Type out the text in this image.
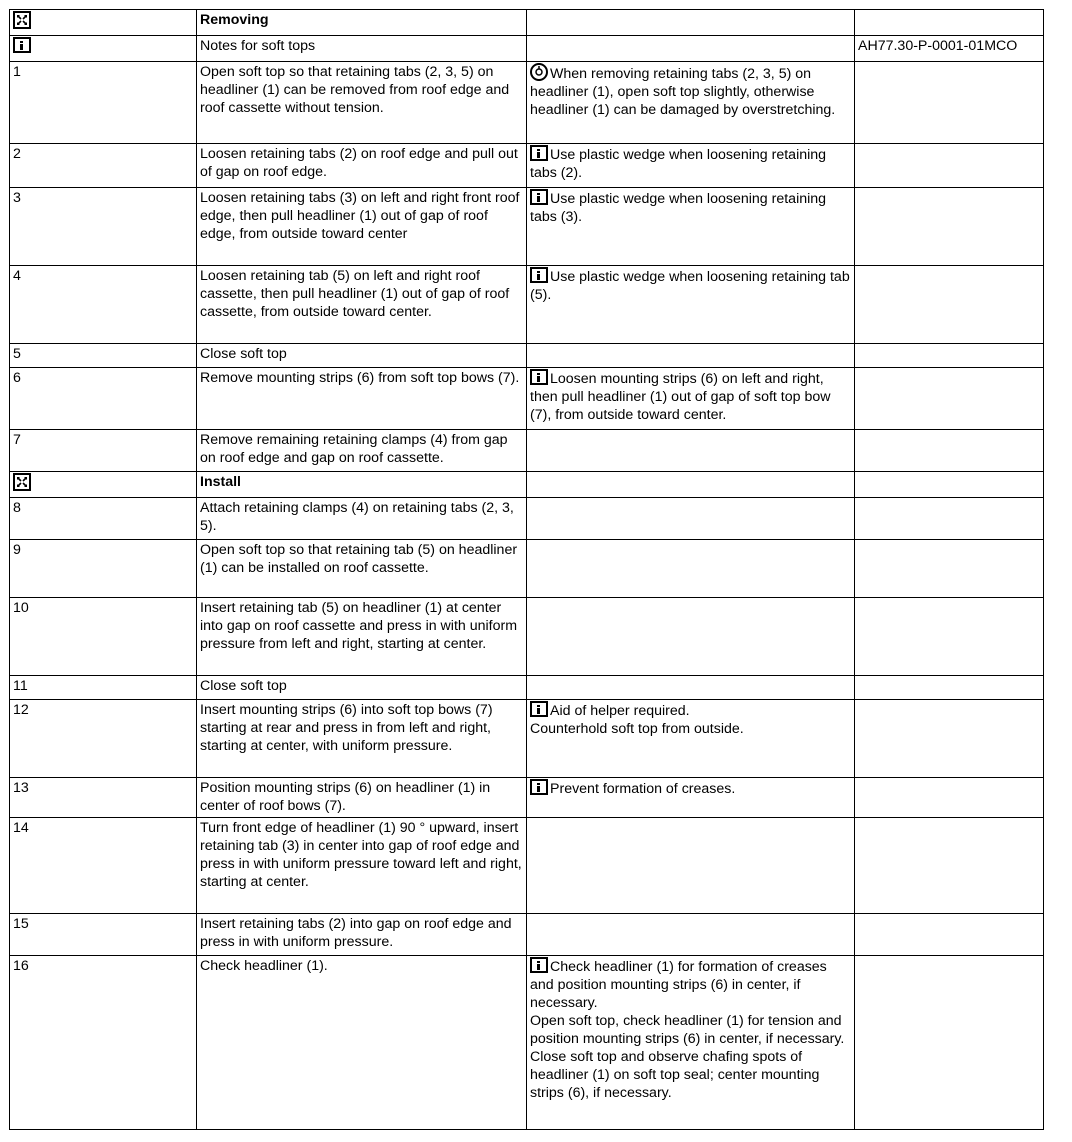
	Removing		
	Notes for soft tops		AH77.30-P-0001-01MCO
1	Open soft top so that retaining tabs (2, 3, 5) on headliner (1) can be removed from roof edge and roof cassette without tension.	When removing retaining tabs (2, 3, 5) on headliner (1), open soft top slightly, otherwise headliner (1) can be damaged by overstretching.	
2	Loosen retaining tabs (2) on roof edge and pull out of gap on roof edge.	Use plastic wedge when loosening retaining tabs (2).	
3	Loosen retaining tabs (3) on left and right front roof edge, then pull headliner (1) out of gap of roof edge, from outside toward center	Use plastic wedge when loosening retaining tabs (3).	
4	Loosen retaining tab (5) on left and right roof cassette, then pull headliner (1) out of gap of roof cassette, from outside toward center.	Use plastic wedge when loosening retaining tab (5).	
5	Close soft top		
6	Remove mounting strips (6) from soft top bows (7).	Loosen mounting strips (6) on left and right, then pull headliner (1) out of gap of soft top bow (7), from outside toward center.	
7	Remove remaining retaining clamps (4) from gap on roof edge and gap on roof cassette.		

	Install		
8	Attach retaining clamps (4) on retaining tabs (2, 3, 5).		
9	Open soft top so that retaining tab (5) on headliner (1) can be installed on roof cassette.		
10	Insert retaining tab (5) on headliner (1) at center into gap on roof cassette and press in with uniform pressure from left and right, starting at center.		
11	Close soft top		
12	Insert mounting strips (6) into soft top bows (7) starting at rear and press in from left and right, starting at center, with uniform pressure.	Aid of helper required.
Counterhold soft top from outside.	

13	Position mounting strips (6) on headliner (1) in center of roof bows (7).	Prevent formation of creases.	
14	Turn front edge of headliner (1) 90 ° upward, insert retaining tab (3) in center into gap of roof edge and press in with uniform pressure toward left and right, starting at center.		
15	Insert retaining tabs (2) into gap on roof edge and press in with uniform pressure.		
16	Check headliner (1).	Check headliner (1) for formation of creases and position mounting strips (6) in center, if necessary.
Open soft top, check headliner (1) for tension and position mounting strips (6) in center, if necessary.
Close soft top and observe chafing spots of headliner (1) on soft top seal; center mounting strips (6), if necessary.	
